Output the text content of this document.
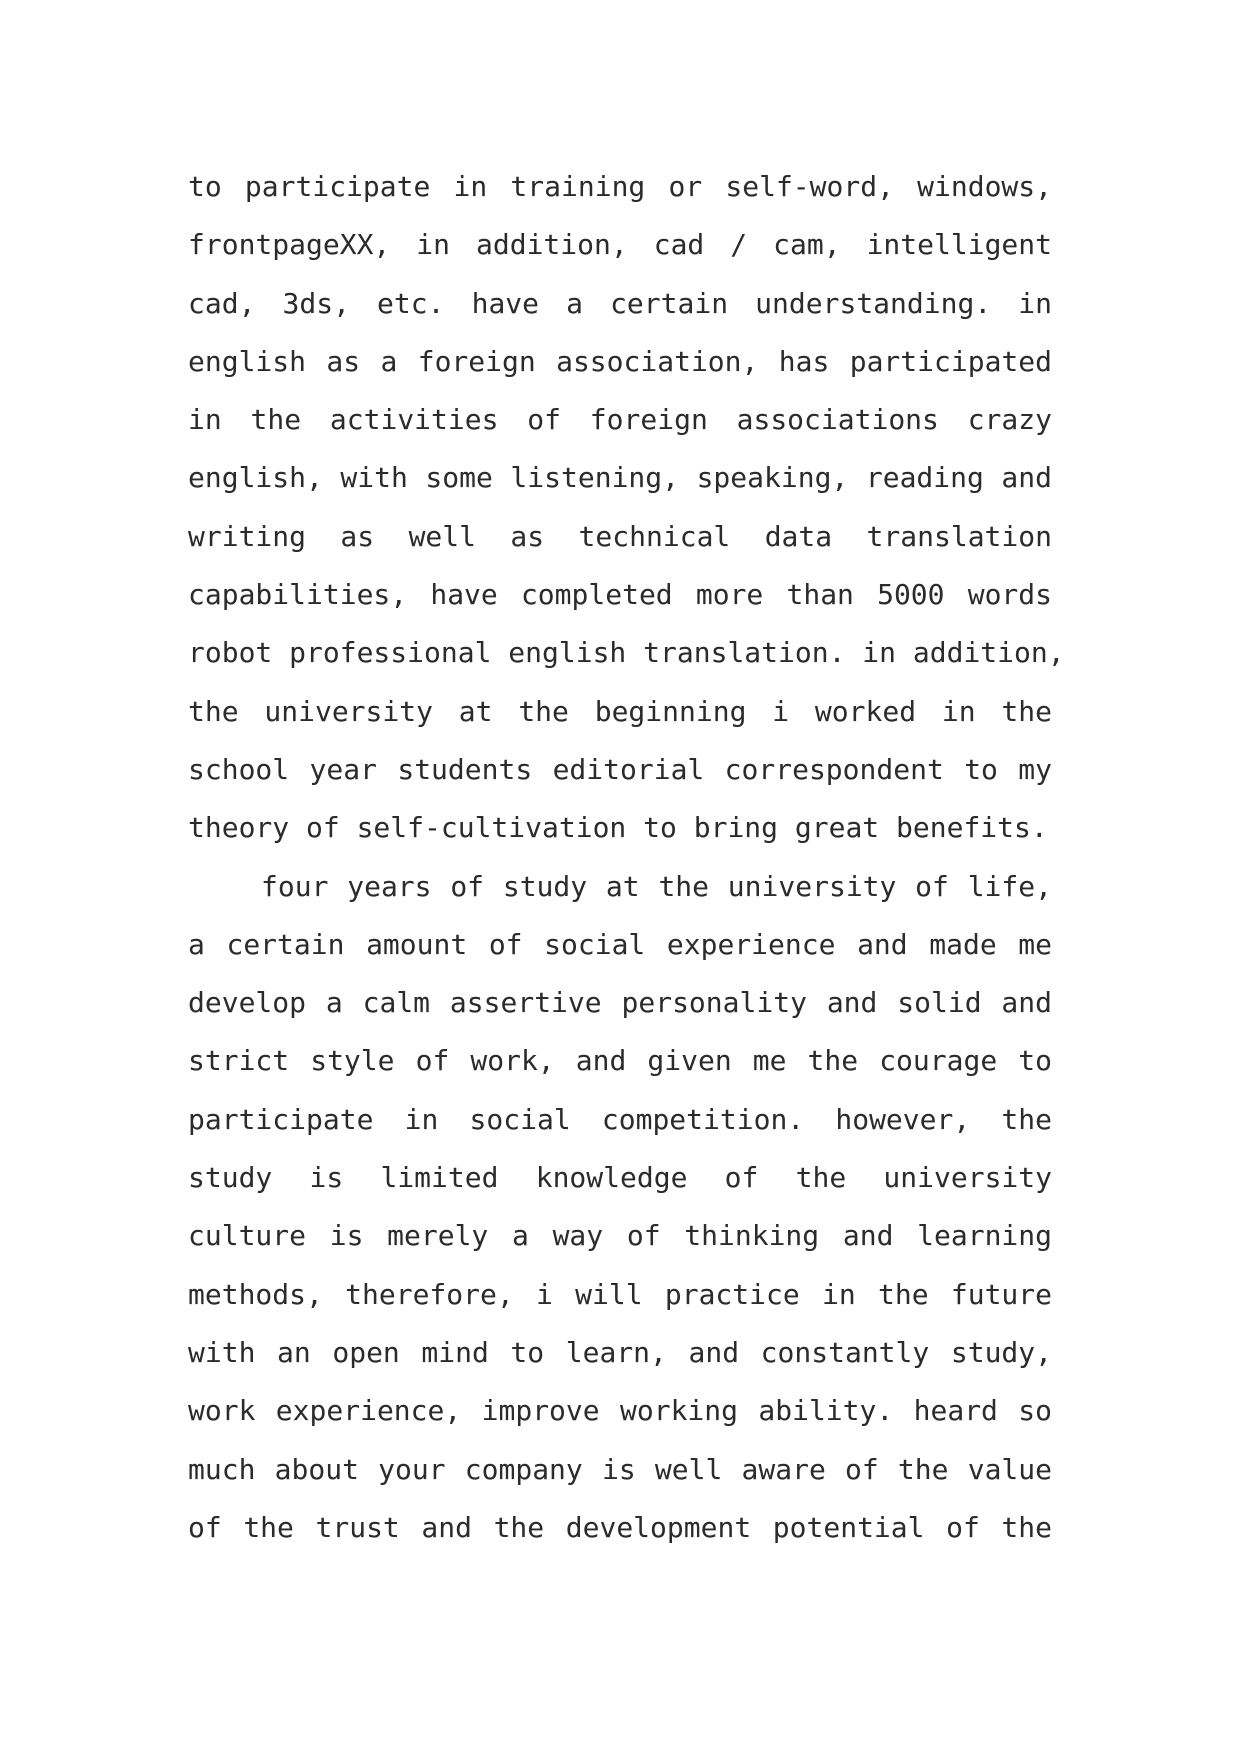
to participate in training or self-word, windows,
frontpageXX, in addition, cad / cam, intelligent
cad, 3ds, etc. have a certain understanding. in
english as a foreign association, has participated
in the activities of foreign associations crazy
english, with some listening, speaking, reading and
writing as well as technical data translation
capabilities, have completed more than 5000 words
robot professional english translation. in addition,
the university at the beginning i worked in the
school year students editorial correspondent to my
theory of self-cultivation to bring great benefits.
four years of study at the university of life,
a certain amount of social experience and made me
develop a calm assertive personality and solid and
strict style of work, and given me the courage to
participate in social competition. however, the
study is limited knowledge of the university
culture is merely a way of thinking and learning
methods, therefore, i will practice in the future
with an open mind to learn, and constantly study,
work experience, improve working ability. heard so
much about your company is well aware of the value
of the trust and the development potential of the
